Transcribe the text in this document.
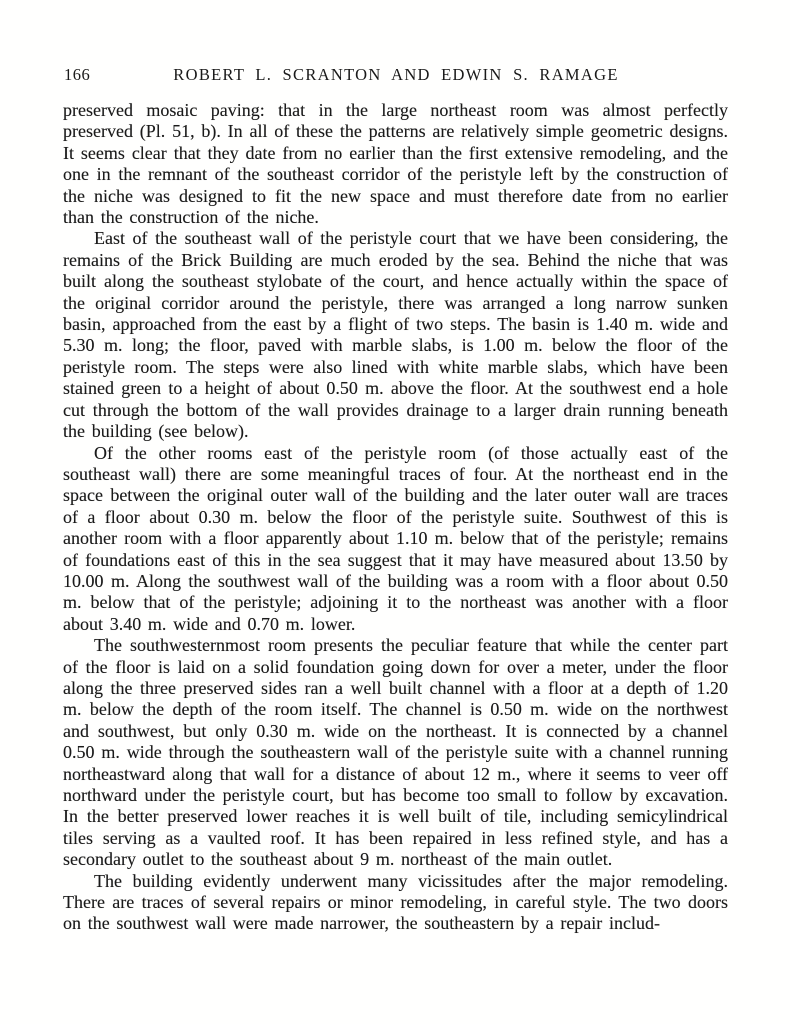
166	ROBERT L. SCRANTON AND EDWIN S. RAMAGE

preserved mosaic paving: that in the large northeast room was almost perfectly preserved (Pl. 51, b). In all of these the patterns are relatively simple geometric designs. It seems clear that they date from no earlier than the first extensive remodeling, and the one in the remnant of the southeast corridor of the peristyle left by the construction of the niche was designed to fit the new space and must therefore date from no earlier than the construction of the niche.

East of the southeast wall of the peristyle court that we have been considering, the remains of the Brick Building are much eroded by the sea. Behind the niche that was built along the southeast stylobate of the court, and hence actually within the space of the original corridor around the peristyle, there was arranged a long narrow sunken basin, approached from the east by a flight of two steps. The basin is 1.40 m. wide and 5.30 m. long; the floor, paved with marble slabs, is 1.00 m. below the floor of the peristyle room. The steps were also lined with white marble slabs, which have been stained green to a height of about 0.50 m. above the floor. At the southwest end a hole cut through the bottom of the wall provides drainage to a larger drain running beneath the building (see below).

Of the other rooms east of the peristyle room (of those actually east of the southeast wall) there are some meaningful traces of four. At the northeast end in the space between the original outer wall of the building and the later outer wall are traces of a floor about 0.30 m. below the floor of the peristyle suite. Southwest of this is another room with a floor apparently about 1.10 m. below that of the peristyle; remains of foundations east of this in the sea suggest that it may have measured about 13.50 by 10.00 m. Along the southwest wall of the building was a room with a floor about 0.50 m. below that of the peristyle; adjoining it to the northeast was another with a floor about 3.40 m. wide and 0.70 m. lower.

The southwesternmost room presents the peculiar feature that while the center part of the floor is laid on a solid foundation going down for over a meter, under the floor along the three preserved sides ran a well built channel with a floor at a depth of 1.20 m. below the depth of the room itself. The channel is 0.50 m. wide on the northwest and southwest, but only 0.30 m. wide on the northeast. It is connected by a channel 0.50 m. wide through the southeastern wall of the peristyle suite with a channel running northeastward along that wall for a distance of about 12 m., where it seems to veer off northward under the peristyle court, but has become too small to follow by excavation. In the better preserved lower reaches it is well built of tile, including semicylindrical tiles serving as a vaulted roof. It has been repaired in less refined style, and has a secondary outlet to the southeast about 9 m. northeast of the main outlet.

The building evidently underwent many vicissitudes after the major remodeling. There are traces of several repairs or minor remodeling, in careful style. The two doors on the southwest wall were made narrower, the southeastern by a repair includ-
